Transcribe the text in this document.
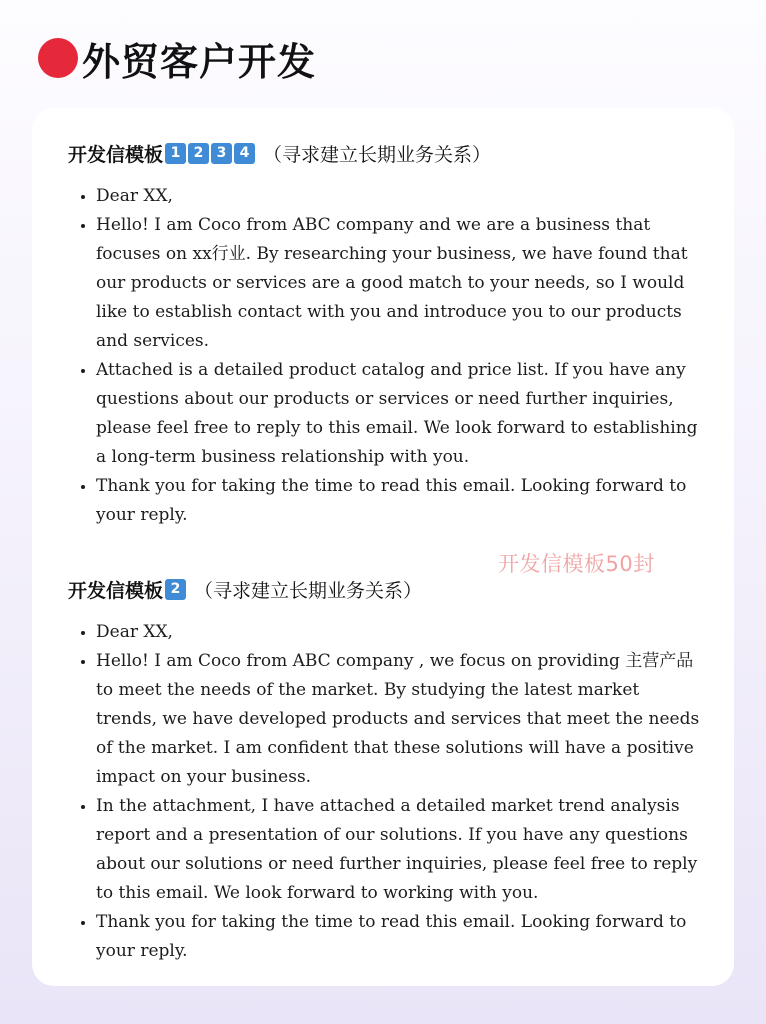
外贸客户开发
开发信模板 1 2 3 4 （寻求建立长期业务关系）
• Dear XX,
• Hello! I am Coco from ABC company and we are a business that focuses on xx行业. By researching your business, we have found that our products or services are a good match to your needs, so I would like to establish contact with you and introduce you to our products and services.
• Attached is a detailed product catalog and price list. If you have any questions about our products or services or need further inquiries, please feel free to reply to this email. We look forward to establishing a long-term business relationship with you.
• Thank you for taking the time to read this email. Looking forward to your reply.
开发信模板 2 （寻求建立长期业务关系）
• Dear XX,
• Hello! I am Coco from ABC company , we focus on providing 主营产品 to meet the needs of the market. By studying the latest market trends, we have developed products and services that meet the needs of the market. I am confident that these solutions will have a positive impact on your business.
• In the attachment, I have attached a detailed market trend analysis report and a presentation of our solutions. If you have any questions about our solutions or need further inquiries, please feel free to reply to this email. We look forward to working with you.
• Thank you for taking the time to read this email. Looking forward to your reply.
开发信模板50封
